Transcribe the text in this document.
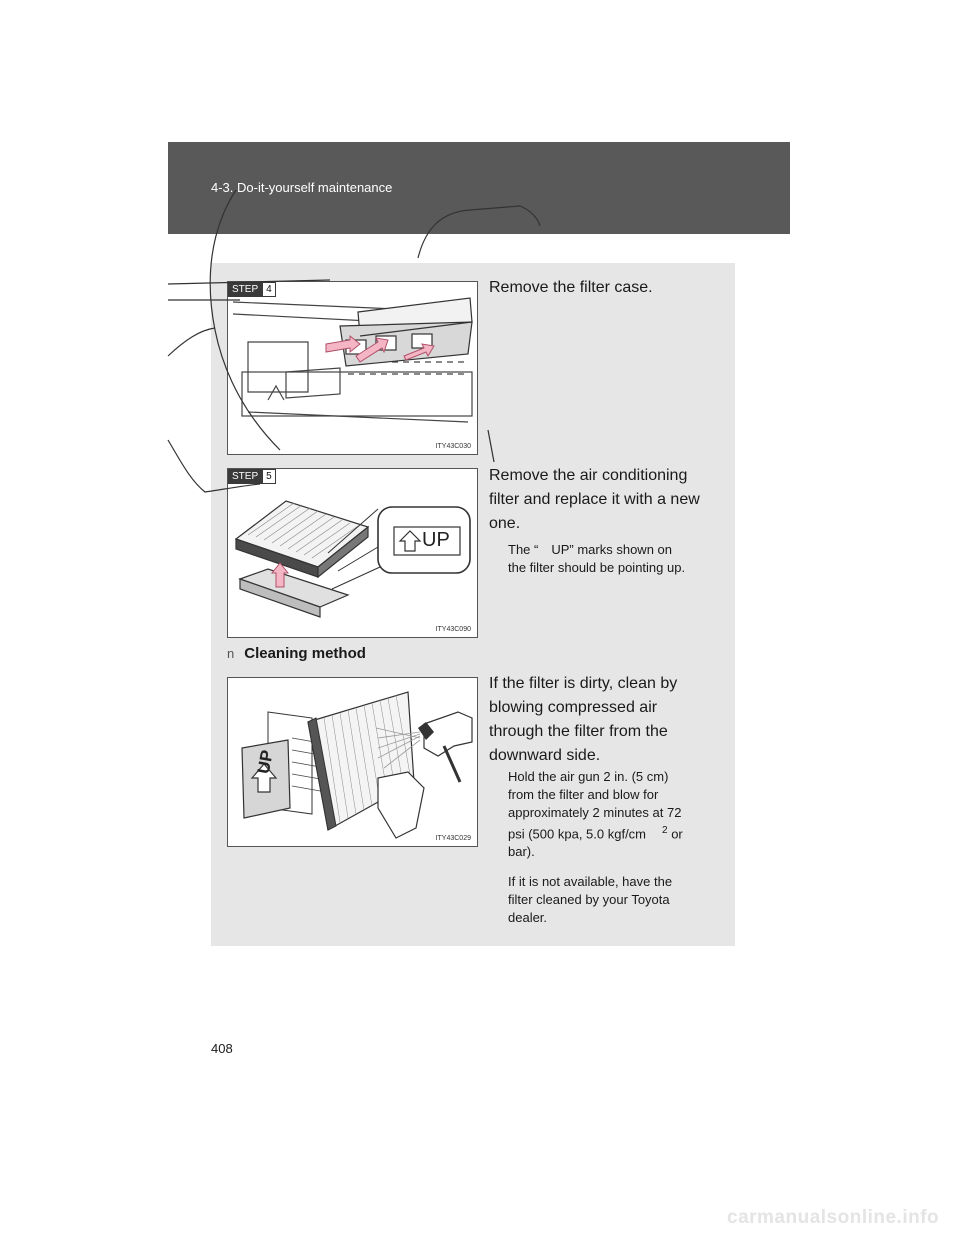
4-3. Do-it-yourself maintenance
STEP 4
ITY43C030
Remove the filter case.
UP
STEP 5
ITY43C090
Remove the air conditioning
filter and replace it with a new
one.
The “ UP” marks shown on
the filter should be pointing up.
n Cleaning method
UP
ITY43C029
If the filter is dirty, clean by
blowing compressed air
through the filter from the
downward side.
Hold the air gun 2 in. (5 cm)
from the filter and blow for
approximately 2 minutes at 72
psi (500 kpa, 5.0 kgf/cm $^2$ or
bar).
If it is not available, have the
filter cleaned by your Toyota
dealer.
408
carmanualsonline.info
